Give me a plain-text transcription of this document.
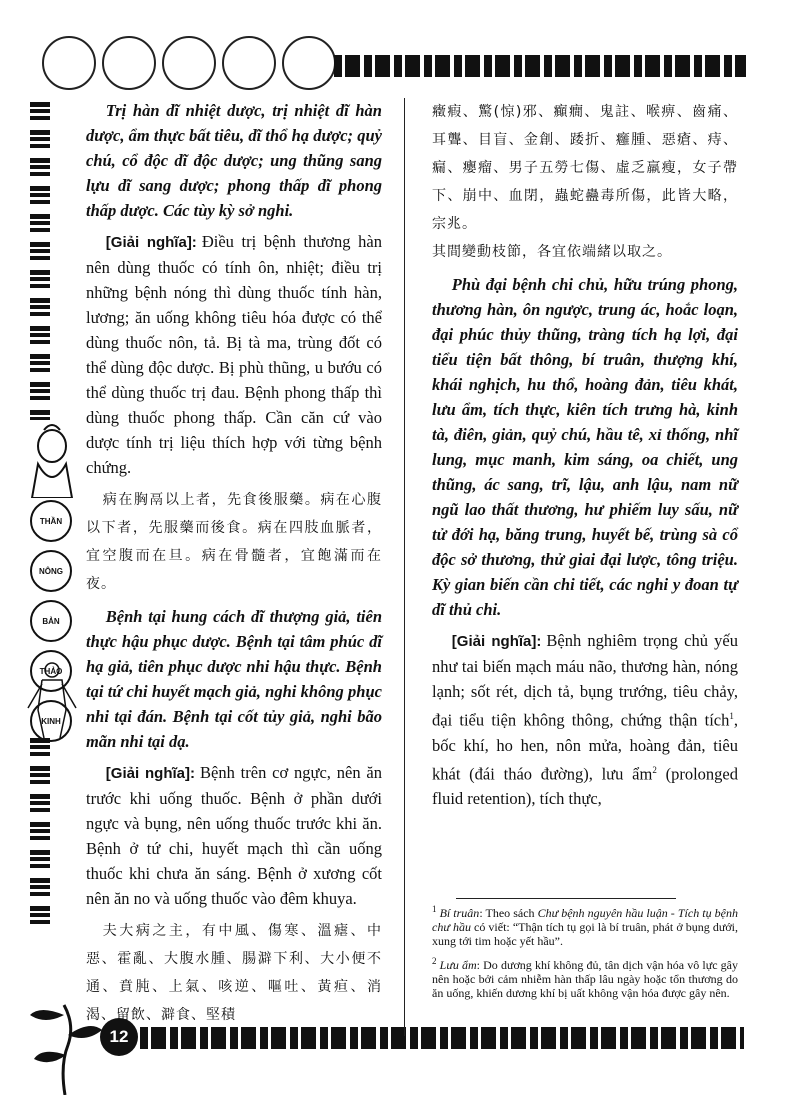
THẦN
NÔNG
BẢN
THẢO
KINH
12

Trị hàn dĩ nhiệt dược, trị nhiệt dĩ hàn dược, ẩm thực bất tiêu, dĩ thổ hạ dược; quỷ chú, cổ độc dĩ độc dược; ung thũng sang lựu dĩ sang dược; phong thấp dĩ phong thấp dược. Các tùy kỳ sở nghi.

[Giải nghĩa]: Điều trị bệnh thương hàn nên dùng thuốc có tính ôn, nhiệt; điều trị những bệnh nóng thì dùng thuốc tính hàn, lương; ăn uống không tiêu hóa được có thể dùng thuốc nôn, tả. Bị tà ma, trùng đốt có thể dùng độc dược. Bị phù thũng, u bướu có thể dùng thuốc trị đau. Bệnh phong thấp thì dùng thuốc phong thấp. Cần căn cứ vào dược tính trị liệu thích hợp với từng bệnh chứng.

病在胸鬲以上者，先食後服藥。病在心腹以下者，先服藥而後食。病在四肢血脈者，宜空腹而在旦。病在骨髓者，宜飽滿而在夜。

Bệnh tại hung cách dĩ thượng giả, tiên thực hậu phục dược. Bệnh tại tâm phúc dĩ hạ giả, tiên phục dược nhi hậu thực. Bệnh tại tứ chi huyết mạch giả, nghi không phục nhi tại đán. Bệnh tại cốt tủy giả, nghi bão mãn nhi tại dạ.

[Giải nghĩa]: Bệnh trên cơ ngực, nên ăn trước khi uống thuốc. Bệnh ở phần dưới ngực và bụng, nên uống thuốc trước khi ăn. Bệnh ở tứ chi, huyết mạch thì cần uống thuốc khi chưa ăn sáng. Bệnh ở xương cốt nên ăn no và uống thuốc vào đêm khuya.

夫大病之主，有中風、傷寒、溫瘧、中惡、霍亂、大腹水腫、腸澼下利、大小便不通、賁肫、上氣、咳逆、嘔吐、黃疸、消渴、留飲、澼食、堅積

癥瘕、驚(惊)邪、癲癇、鬼註、喉痹、齒痛、耳聾、目盲、金創、踒折、癰腫、惡瘡、痔、瘺、癭瘤、男子五勞七傷、虛乏羸瘦，女子帶下、崩中、血閉，蟲蛇蠱毒所傷，此皆大略，宗兆。

其間變動枝節，各宜依端緒以取之。

Phù đại bệnh chi chủ, hữu trúng phong, thương hàn, ôn ngược, trung ác, hoắc loạn, đại phúc thủy thũng, tràng tích hạ lợi, đại tiểu tiện bất thông, bí truân, thượng khí, khái nghịch, hu thổ, hoàng đản, tiêu khát, lưu ẩm, tích thực, kiên tích trưng hà, kinh tà, điên, giản, quỷ chú, hầu tê, xỉ thống, nhĩ lung, mục manh, kim sáng, oa chiết, ung thũng, ác sang, trĩ, lậu, anh lậu, nam nữ ngũ lao thất thương, hư phiếm luy sấu, nữ tử đới hạ, băng trung, huyết bế, trùng sà cổ độc sở thương, thử giai đại lược, tông triệu. Kỳ gian biến cần chi tiết, các nghi y đoan tự dĩ thủ chi.

[Giải nghĩa]: Bệnh nghiêm trọng chủ yếu như tai biến mạch máu não, thương hàn, nóng lạnh; sốt rét, dịch tả, bụng trướng, tiêu chảy, đại tiểu tiện không thông, chứng thận tích$^1$, bốc khí, ho hen, nôn mửa, hoàng đản, tiêu khát (đái tháo đường), lưu ẩm$^2$ (prolonged fluid retention), tích thực,

$^1$ Bí truân: Theo sách Chư bệnh nguyên hầu luận - Tích tụ bệnh chư hầu có viết: “Thận tích tụ gọi là bí truân, phát ở bụng dưới, xung tới tim hoặc yết hầu”.
$^2$ Lưu ẩm: Do dương khí không đủ, tân dịch vận hóa vô lực gây nên hoặc bởi cảm nhiễm hàn thấp lâu ngày hoặc tổn thương do ăn uống, khiến dương khí bị uất không vận hóa được gây nên.
